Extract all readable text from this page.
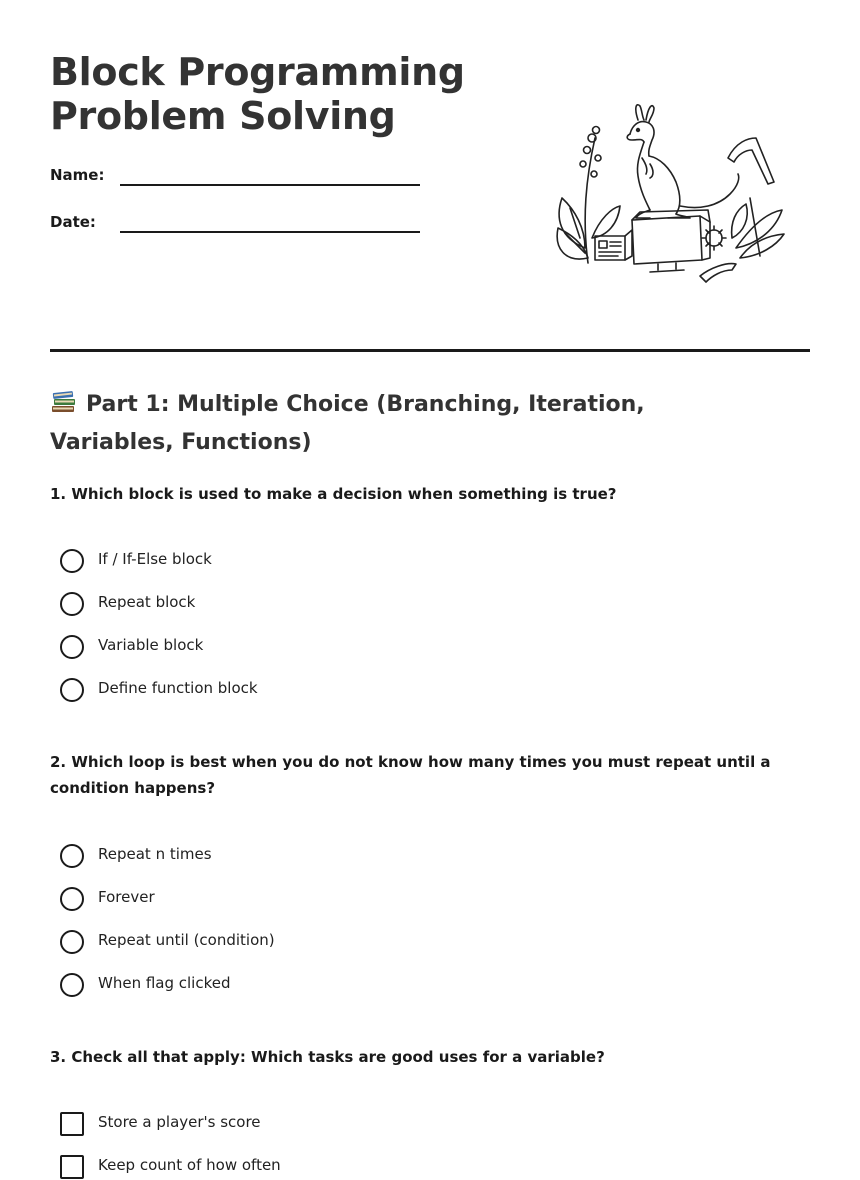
Block Programming
Problem Solving
Name:
Date:
Part 1: Multiple Choice (Branching, Iteration, Variables, Functions)

1. Which block is used to make a decision when something is true?

If / If-Else block
Repeat block
Variable block
Define function block

2. Which loop is best when you do not know how many times you must repeat until a condition happens?

Repeat n times
Forever
Repeat until (condition)
When flag clicked

3. Check all that apply: Which tasks are good uses for a variable?

Store a player's score
Keep count of how often
